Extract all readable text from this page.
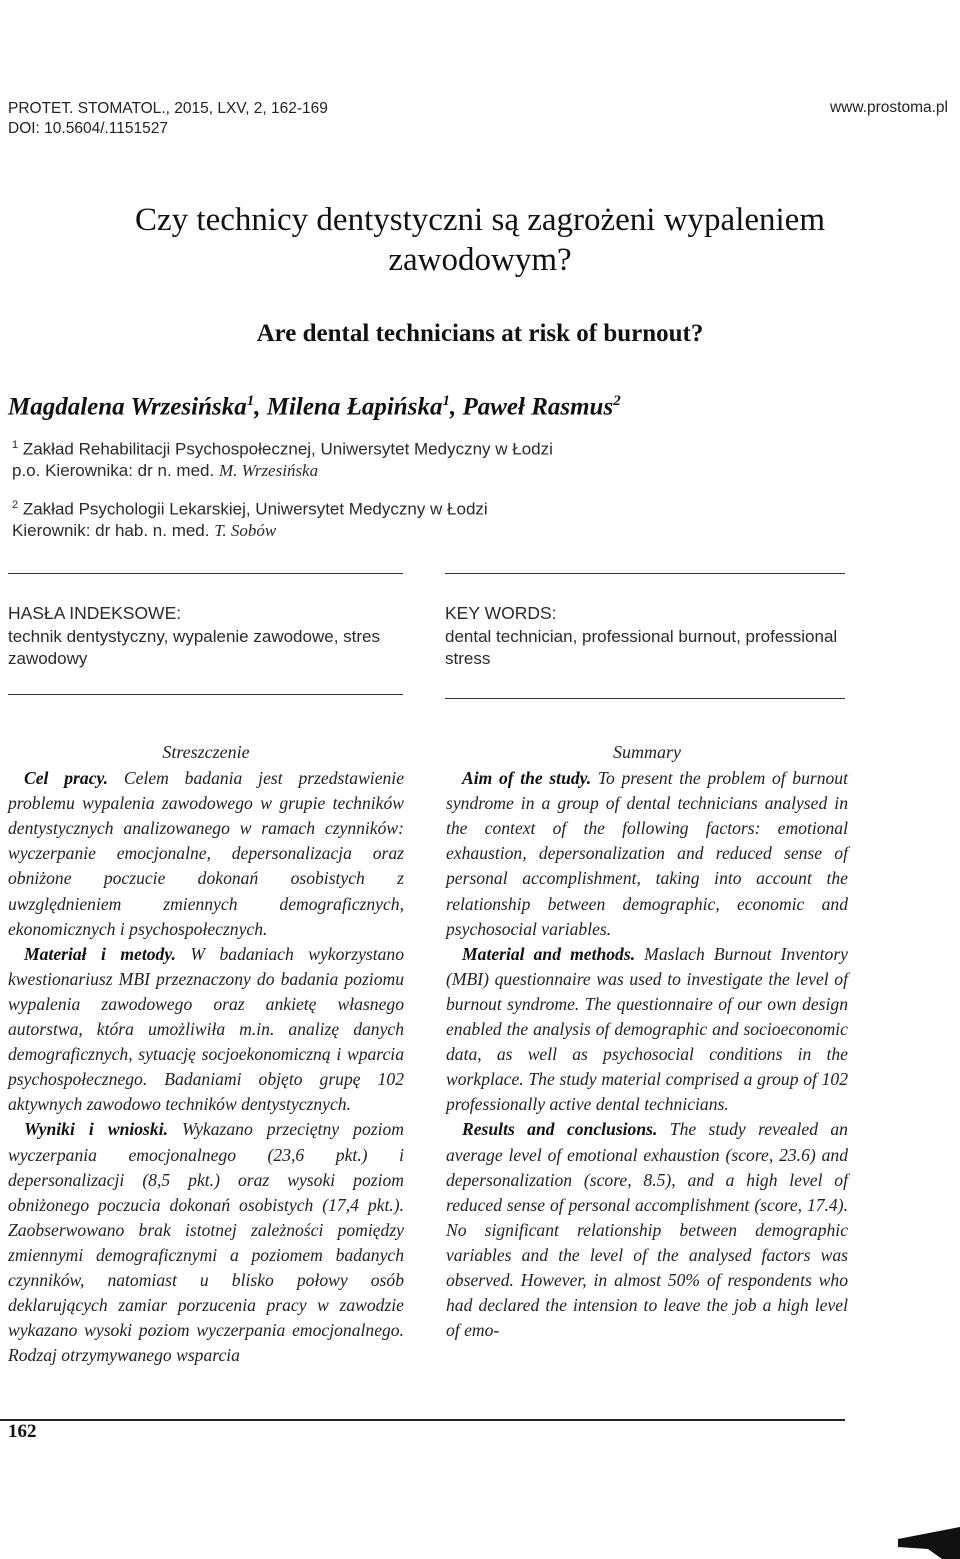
PROTET. STOMATOL., 2015, LXV, 2, 162-169
DOI: 10.5604/.1151527
www.prostoma.pl
Czy technicy dentystyczni są zagrożeni wypaleniem
zawodowym?
Are dental technicians at risk of burnout?
Magdalena Wrzesińska$^1$, Milena Łapińska$^1$, Paweł Rasmus$^2$
$^1$ Zakład Rehabilitacji Psychospołecznej, Uniwersytet Medyczny w Łodzi
p.o. Kierownika: dr n. med. M. Wrzesińska
$^2$ Zakład Psychologii Lekarskiej, Uniwersytet Medyczny w Łodzi
Kierownik: dr hab. n. med. T. Sobów
HASŁA INDEKSOWE:
technik dentystyczny, wypalenie zawodowe, stres zawodowy
KEY WORDS:
dental technician, professional burnout, professional stress
Streszczenie

Cel pracy. Celem badania jest przedstawienie problemu wypalenia zawodowego w grupie techników dentystycznych analizowanego w ramach czynników: wyczerpanie emocjonalne, depersonalizacja oraz obniżone poczucie dokonań osobistych z uwzględnieniem zmiennych demograficznych, ekonomicznych i psychospołecznych.

Materiał i metody. W badaniach wykorzystano kwestionariusz MBI przeznaczony do badania poziomu wypalenia zawodowego oraz ankietę własnego autorstwa, która umożliwiła m.in. analizę danych demograficznych, sytuację socjoekonomiczną i wparcia psychospołecznego. Badaniami objęto grupę 102 aktywnych zawodowo techników dentystycznych.

Wyniki i wnioski. Wykazano przeciętny poziom wyczerpania emocjonalnego (23,6 pkt.) i depersonalizacji (8,5 pkt.) oraz wysoki poziom obniżonego poczucia dokonań osobistych (17,4 pkt.). Zaobserwowano brak istotnej zależności pomiędzy zmiennymi demograficznymi a poziomem badanych czynników, natomiast u blisko połowy osób deklarujących zamiar porzucenia pracy w zawodzie wykazano wysoki poziom wyczerpania emocjonalnego. Rodzaj otrzymywanego wsparcia

Summary

Aim of the study. To present the problem of burnout syndrome in a group of dental technicians analysed in the context of the following factors: emotional exhaustion, depersonalization and reduced sense of personal accomplishment, taking into account the relationship between demographic, economic and psychosocial variables.

Material and methods. Maslach Burnout Inventory (MBI) questionnaire was used to investigate the level of burnout syndrome. The questionnaire of our own design enabled the analysis of demographic and socioeconomic data, as well as psychosocial conditions in the workplace. The study material comprised a group of 102 professionally active dental technicians.

Results and conclusions. The study revealed an average level of emotional exhaustion (score, 23.6) and depersonalization (score, 8.5), and a high level of reduced sense of personal accomplishment (score, 17.4). No significant relationship between demographic variables and the level of the analysed factors was observed. However, in almost 50% of respondents who had declared the intension to leave the job a high level of emo-

162
